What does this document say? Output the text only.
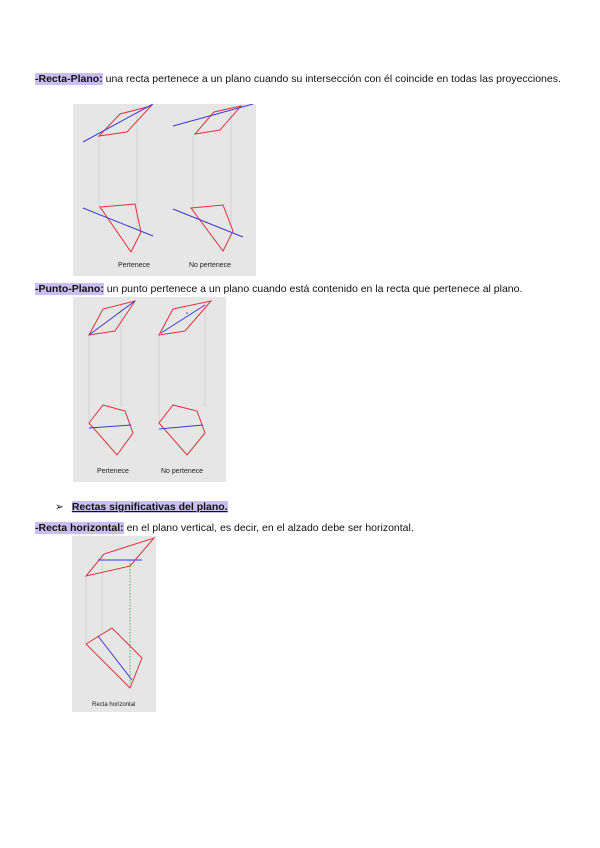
-Recta-Plano: una recta pertenece a un plano cuando su intersección con él coincide en todas las proyecciones.
Pertenece	No pertenece
-Punto-Plano: un punto pertenece a un plano cuando está contenido en la recta que pertenece al plano.
Pertenece	No pertenece
➢ Rectas significativas del plano.
-Recta horizontal: en el plano vertical, es decir, en el alzado debe ser horizontal.
Recta horizontal
